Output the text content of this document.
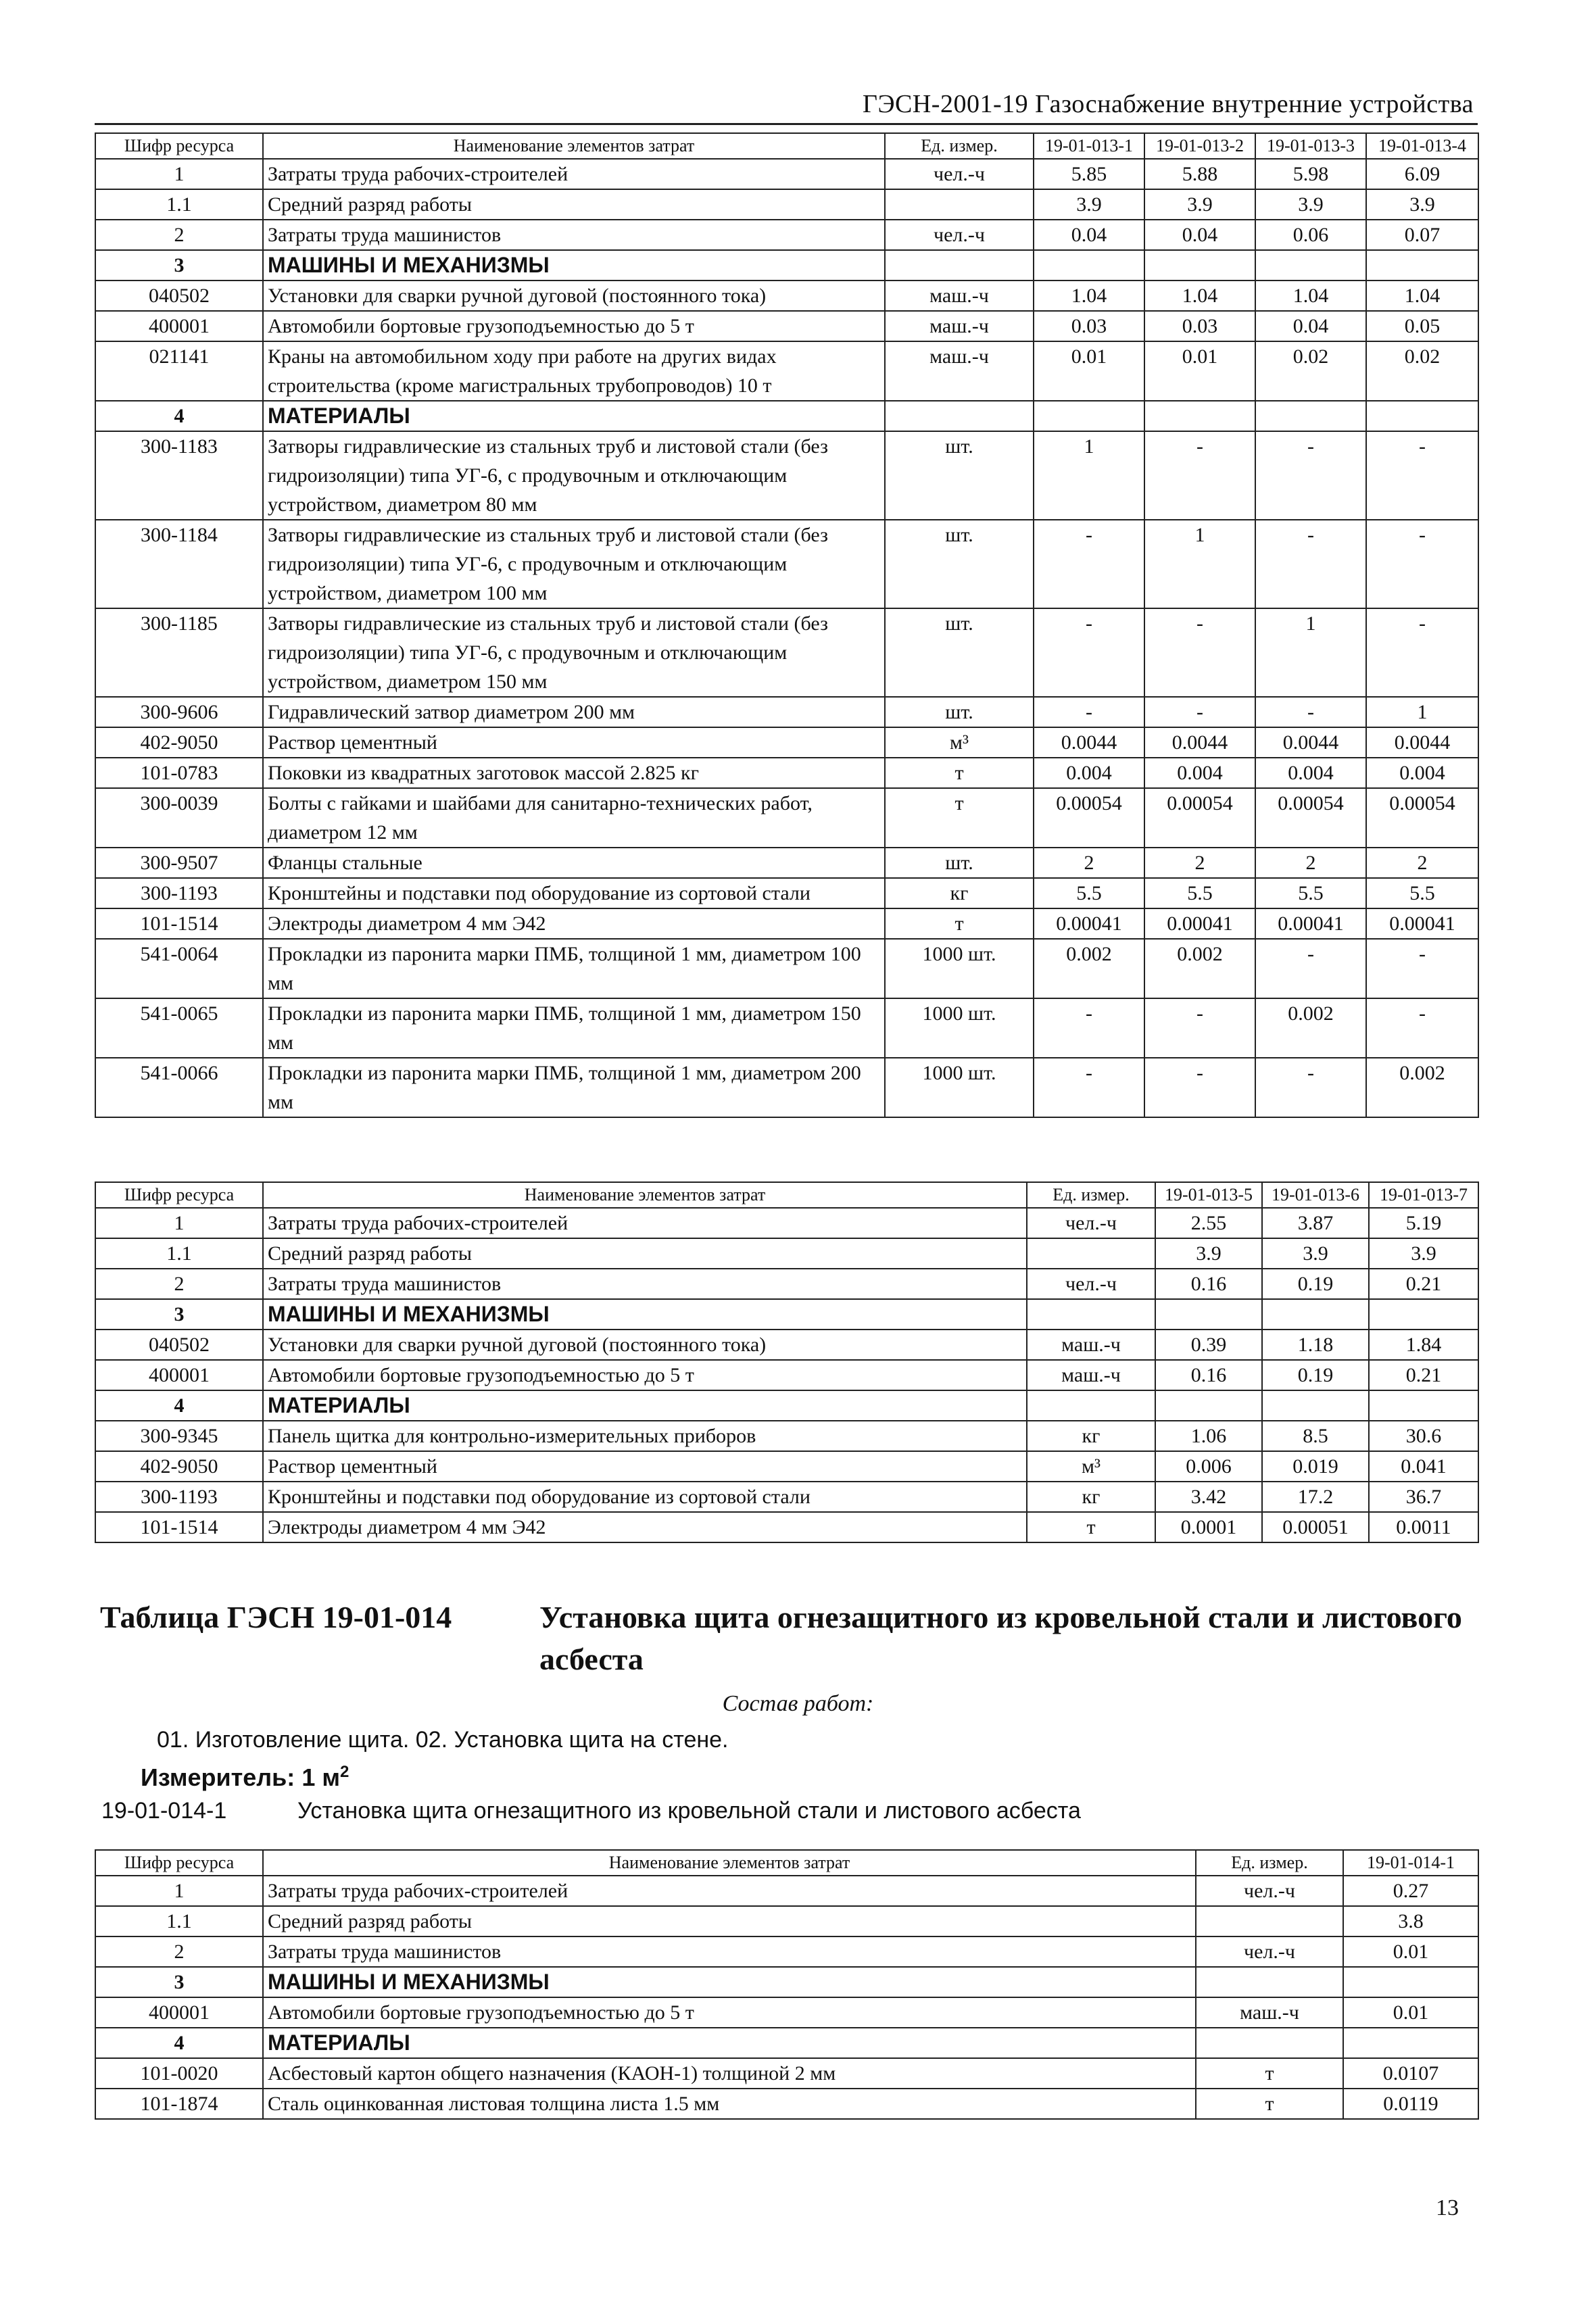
ГЭСН-2001-19 Газоснабжение внутренние устройства
Шифр ресурса	Наименование элементов затрат	Ед. измер.	19-01-013-1	19-01-013-2	19-01-013-3	19-01-013-4
1	Затраты труда рабочих-строителей	чел.-ч	5.85	5.88	5.98	6.09
1.1	Средний разряд работы		3.9	3.9	3.9	3.9
2	Затраты труда машинистов	чел.-ч	0.04	0.04	0.06	0.07
3	МАШИНЫ И МЕХАНИЗМЫ					
040502	Установки для сварки ручной дуговой (постоянного тока)	маш.-ч	1.04	1.04	1.04	1.04
400001	Автомобили бортовые грузоподъемностью до 5 т	маш.-ч	0.03	0.03	0.04	0.05
021141	Краны на автомобильном ходу при работе на других видах строительства (кроме магистральных трубопроводов) 10 т	маш.-ч	0.01	0.01	0.02	0.02
4	МАТЕРИАЛЫ					
300-1183	Затворы гидравлические из стальных труб и листовой стали (без гидроизоляции) типа УГ-6, с продувочным и отключающим устройством, диаметром 80 мм	шт.	1	-	-	-
300-1184	Затворы гидравлические из стальных труб и листовой стали (без гидроизоляции) типа УГ-6, с продувочным и отключающим устройством, диаметром 100 мм	шт.	-	1	-	-
300-1185	Затворы гидравлические из стальных труб и листовой стали (без гидроизоляции) типа УГ-6, с продувочным и отключающим устройством, диаметром 150 мм	шт.	-	-	1	-
300-9606	Гидравлический затвор диаметром 200 мм	шт.	-	-	-	1
402-9050	Раствор цементный	м³	0.0044	0.0044	0.0044	0.0044
101-0783	Поковки из квадратных заготовок массой 2.825 кг	т	0.004	0.004	0.004	0.004
300-0039	Болты с гайками и шайбами для санитарно-технических работ, диаметром 12 мм	т	0.00054	0.00054	0.00054	0.00054
300-9507	Фланцы стальные	шт.	2	2	2	2
300-1193	Кронштейны и подставки под оборудование из сортовой стали	кг	5.5	5.5	5.5	5.5
101-1514	Электроды диаметром 4 мм Э42	т	0.00041	0.00041	0.00041	0.00041
541-0064	Прокладки из паронита марки ПМБ, толщиной 1 мм, диаметром 100 мм	1000 шт.	0.002	0.002	-	-
541-0065	Прокладки из паронита марки ПМБ, толщиной 1 мм, диаметром 150 мм	1000 шт.	-	-	0.002	-
541-0066	Прокладки из паронита марки ПМБ, толщиной 1 мм, диаметром 200 мм	1000 шт.	-	-	-	0.002
Шифр ресурса	Наименование элементов затрат	Ед. измер.	19-01-013-5	19-01-013-6	19-01-013-7
1	Затраты труда рабочих-строителей	чел.-ч	2.55	3.87	5.19
1.1	Средний разряд работы		3.9	3.9	3.9
2	Затраты труда машинистов	чел.-ч	0.16	0.19	0.21
3	МАШИНЫ И МЕХАНИЗМЫ				
040502	Установки для сварки ручной дуговой (постоянного тока)	маш.-ч	0.39	1.18	1.84
400001	Автомобили бортовые грузоподъемностью до 5 т	маш.-ч	0.16	0.19	0.21
4	МАТЕРИАЛЫ				
300-9345	Панель щитка для контрольно-измерительных приборов	кг	1.06	8.5	30.6
402-9050	Раствор цементный	м³	0.006	0.019	0.041
300-1193	Кронштейны и подставки под оборудование из сортовой стали	кг	3.42	17.2	36.7
101-1514	Электроды диаметром 4 мм Э42	т	0.0001	0.00051	0.0011
Таблица ГЭСН 19-01-014	Установка щита огнезащитного из кровельной стали и листового асбеста
Состав работ:
01. Изготовление щита. 02. Установка щита на стене.
Измеритель: 1 $м^2$
19-01-014-1	Установка щита огнезащитного из кровельной стали и листового асбеста
Шифр ресурса	Наименование элементов затрат	Ед. измер.	19-01-014-1
1	Затраты труда рабочих-строителей	чел.-ч	0.27
1.1	Средний разряд работы		3.8
2	Затраты труда машинистов	чел.-ч	0.01
3	МАШИНЫ И МЕХАНИЗМЫ		
400001	Автомобили бортовые грузоподъемностью до 5 т	маш.-ч	0.01
4	МАТЕРИАЛЫ		
101-0020	Асбестовый картон общего назначения (КАОН-1) толщиной 2 мм	т	0.0107
101-1874	Сталь оцинкованная листовая толщина листа 1.5 мм	т	0.0119
13
